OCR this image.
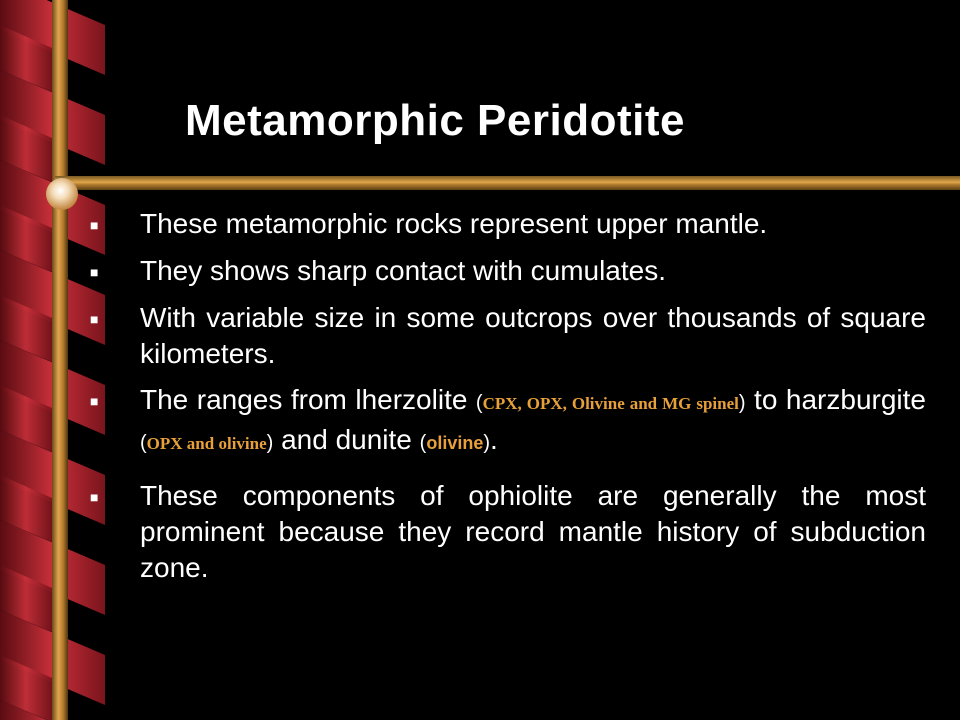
Metamorphic Peridotite
■	These metamorphic rocks represent upper mantle.
■	They shows sharp contact with cumulates.
■	With variable size in some outcrops over thousands of square kilometers.
■	The ranges from lherzolite (CPX, OPX, Olivine and MG spinel) to harzburgite (OPX and olivine) and dunite (olivine).
■	These components of ophiolite are generally the most prominent because they record mantle history of subduction zone.
